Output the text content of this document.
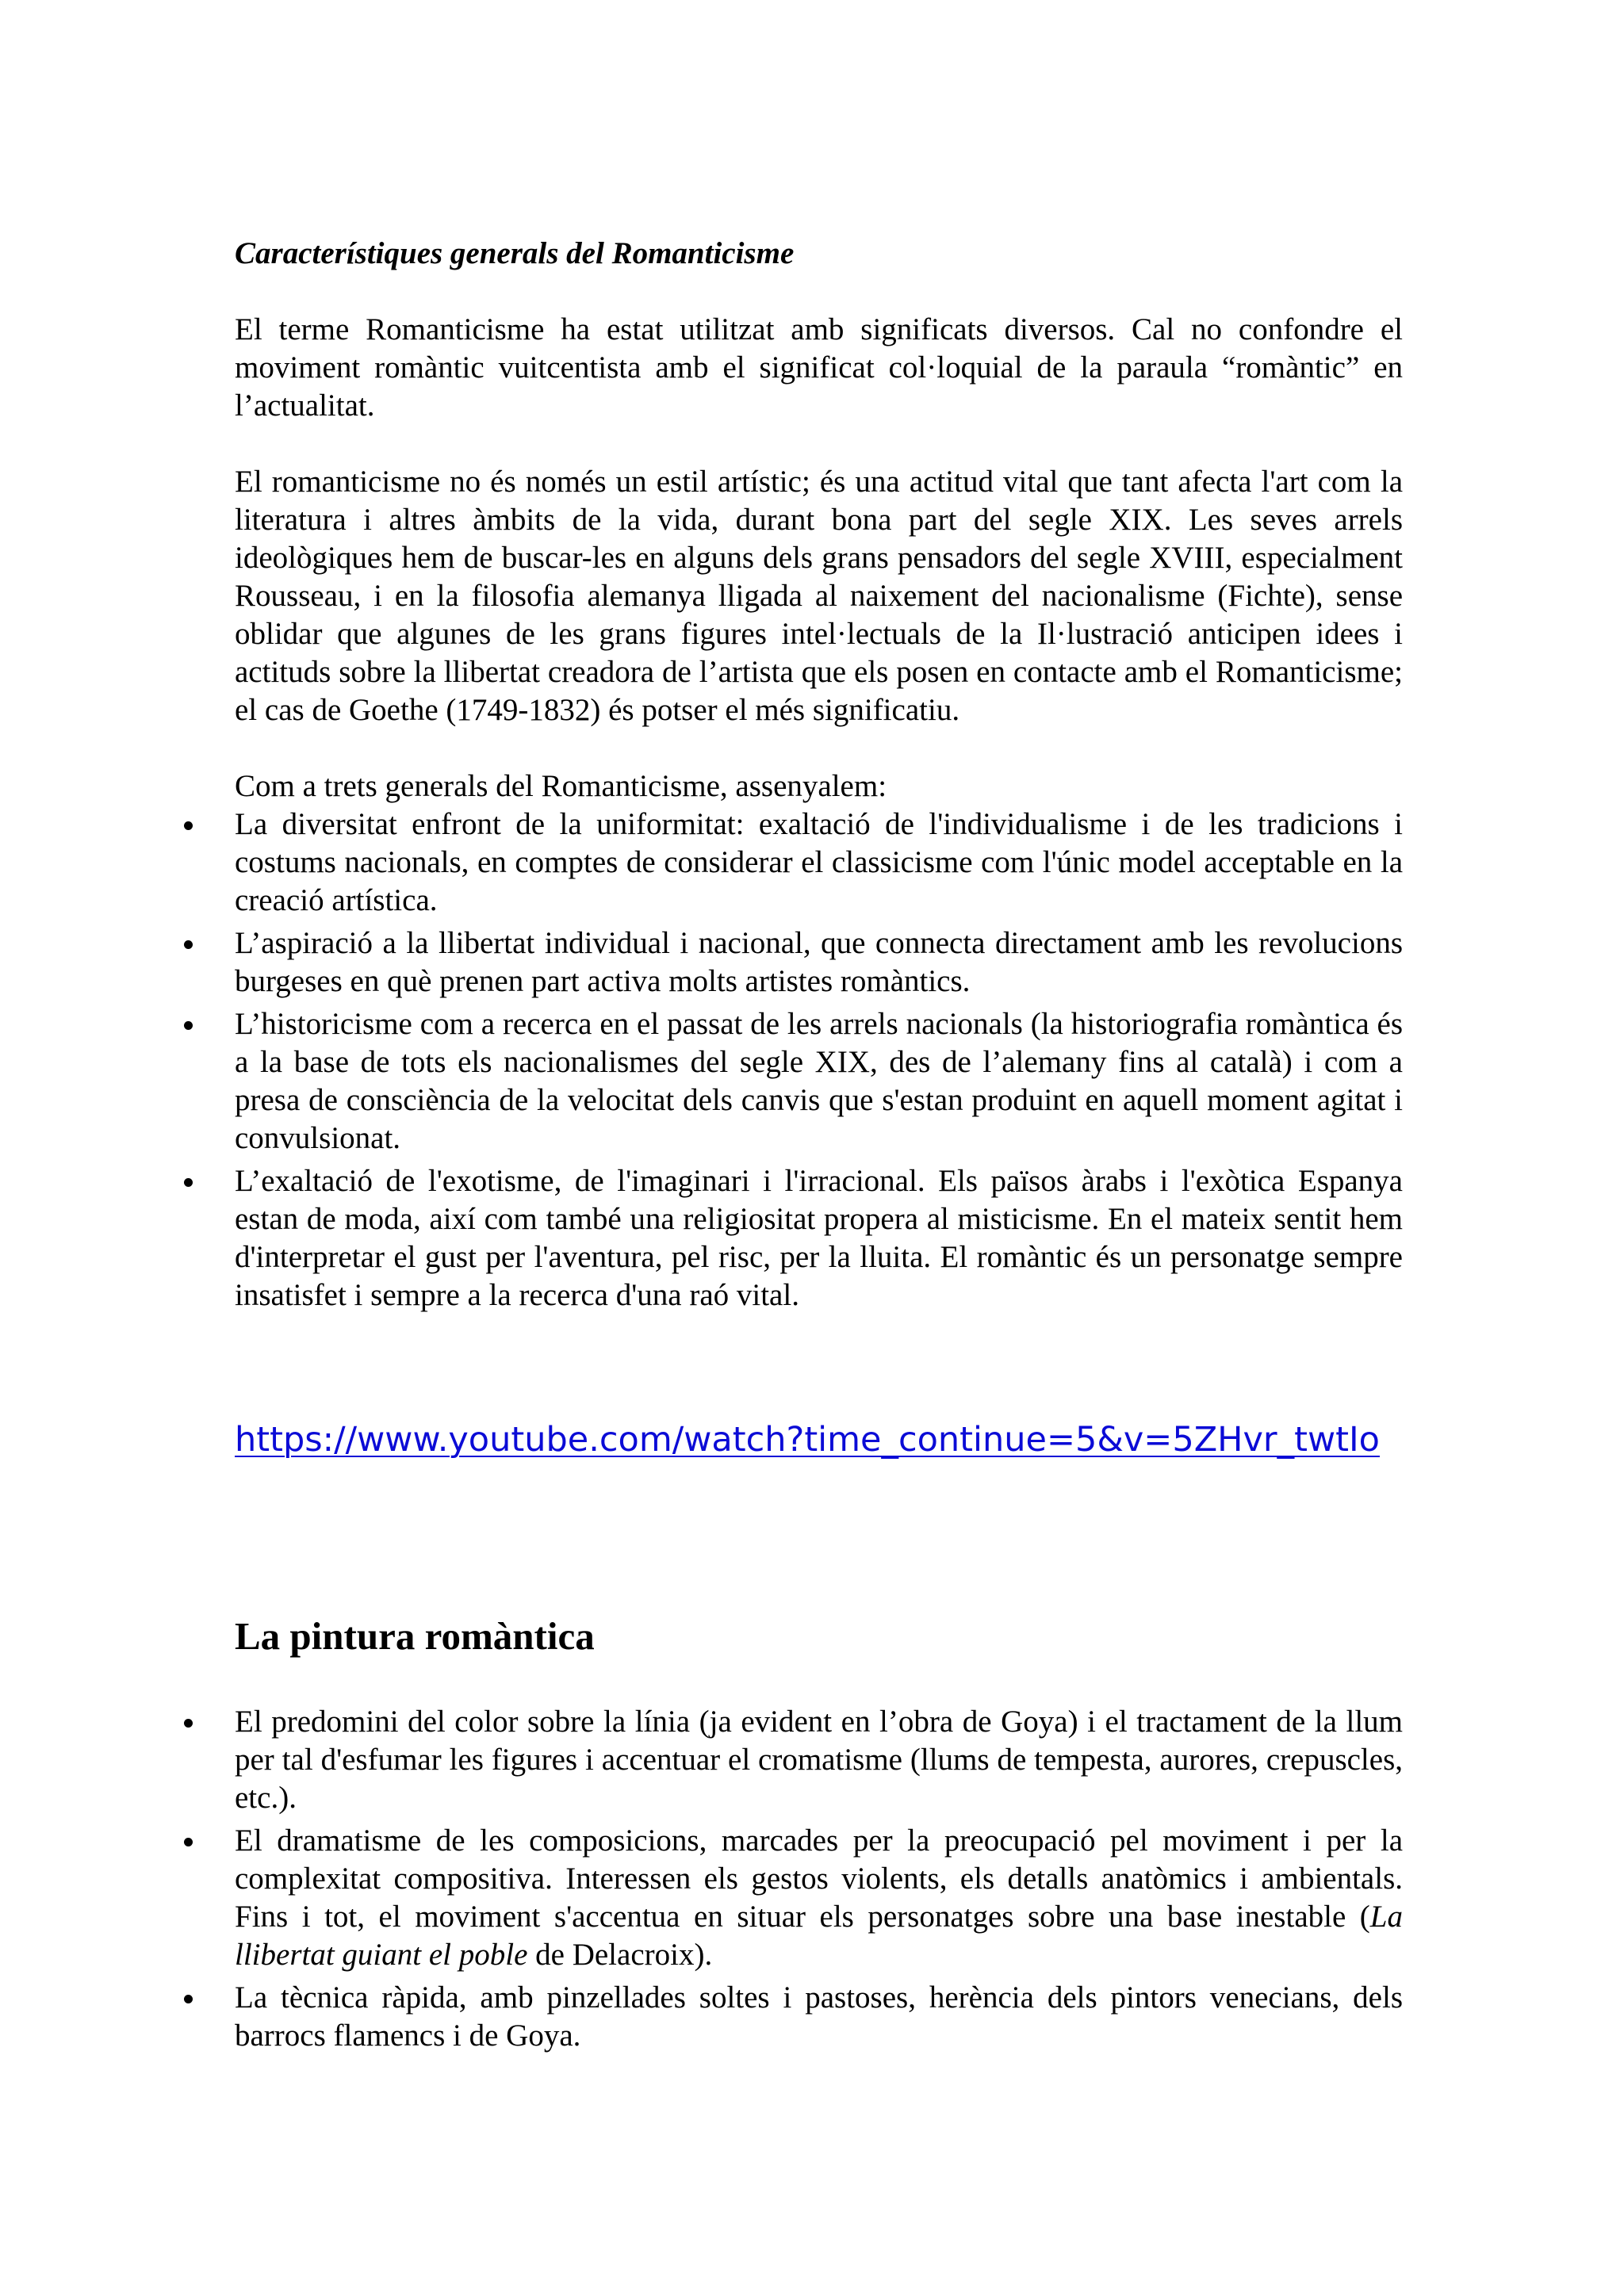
Característiques generals del Romanticisme

El terme Romanticisme ha estat utilitzat amb significats diversos. Cal no confondre el moviment romàntic vuitcentista amb el significat col·loquial de la paraula “romàntic” en l’actualitat.

El romanticisme no és només un estil artístic; és una actitud vital que tant afecta l'art com la literatura i altres àmbits de la vida, durant bona part del segle XIX. Les seves arrels ideològiques hem de buscar-les en alguns dels grans pensadors del segle XVIII, especialment Rousseau, i en la filosofia alemanya lligada al naixement del nacionalisme (Fichte), sense oblidar que algunes de les grans figures intel·lectuals de la Il·lustració anticipen idees i actituds sobre la llibertat creadora de l’artista que els posen en contacte amb el Romanticisme; el cas de Goethe (1749-1832) és potser el més significatiu.

Com a trets generals del Romanticisme, assenyalem:

La diversitat enfront de la uniformitat: exaltació de l'individualisme i de les tradicions i costums nacionals, en comptes de considerar el classicisme com l'únic model acceptable en la creació artística.
L’aspiració a la llibertat individual i nacional, que connecta directament amb les revolucions burgeses en què prenen part activa molts artistes romàntics.
L’historicisme com a recerca en el passat de les arrels nacionals (la historiografia romàntica és a la base de tots els nacionalismes del segle XIX, des de l’alemany fins al català) i com a presa de consciència de la velocitat dels canvis que s'estan produint en aquell moment agitat i convulsionat.
L’exaltació de l'exotisme, de l'imaginari i l'irracional. Els països àrabs i l'exòtica Espanya estan de moda, així com també una religiositat propera al misticisme. En el mateix sentit hem d'interpretar el gust per l'aventura, pel risc, per la lluita. El romàntic és un personatge sempre insatisfet i sempre a la recerca d'una raó vital.
https://www.youtube.com/watch?time_continue=5&v=5ZHvr_twtIo
La pintura romàntica
El predomini del color sobre la línia (ja evident en l’obra de Goya) i el tractament de la llum per tal d'esfumar les figures i accentuar el cromatisme (llums de tempesta, aurores, crepuscles, etc.).
El dramatisme de les composicions, marcades per la preocupació pel moviment i per la complexitat compositiva. Interessen els gestos violents, els detalls anatòmics i ambientals. Fins i tot, el moviment s'accentua en situar els personatges sobre una base inestable (La llibertat guiant el poble de Delacroix).
La tècnica ràpida, amb pinzellades soltes i pastoses, herència dels pintors venecians, dels barrocs flamencs i de Goya.
